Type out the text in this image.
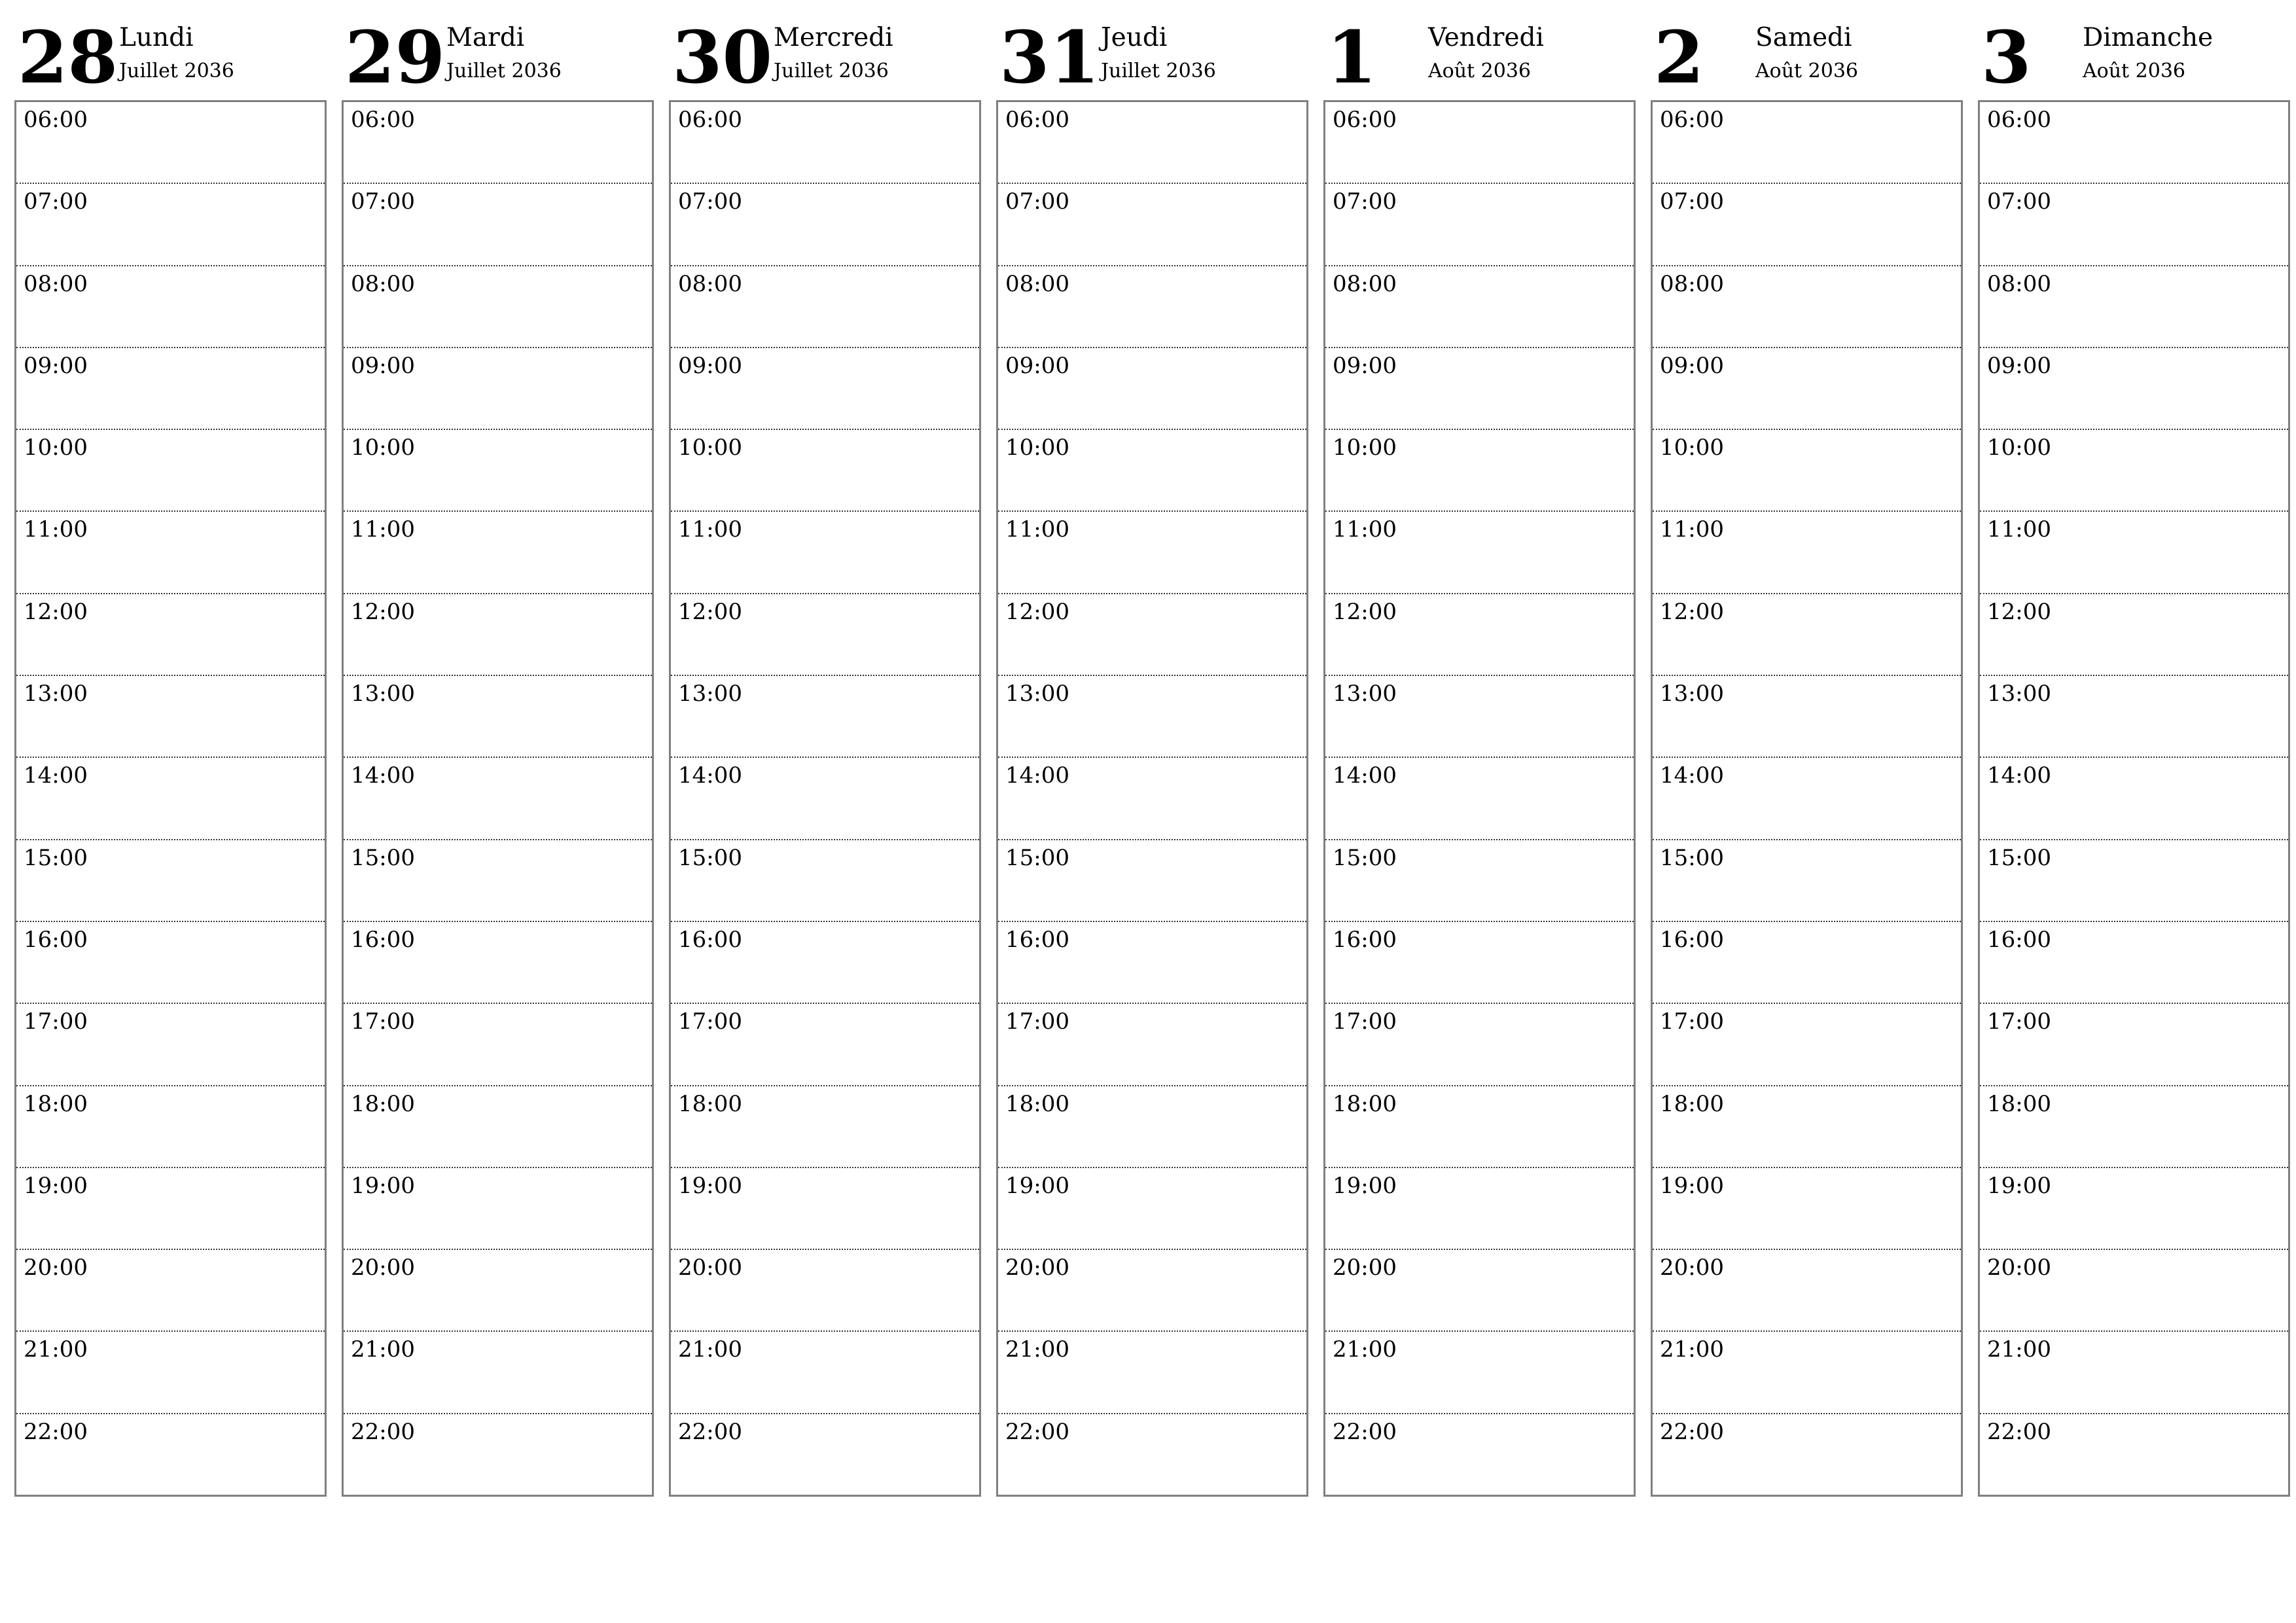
28 Lundi
Juillet 2036
06:00
07:00
08:00
09:00
10:00
11:00
12:00
13:00
14:00
15:00
16:00
17:00
18:00
19:00
20:00
21:00
22:00
29 Mardi
Juillet 2036
06:00
07:00
08:00
09:00
10:00
11:00
12:00
13:00
14:00
15:00
16:00
17:00
18:00
19:00
20:00
21:00
22:00
30 Mercredi
Juillet 2036
06:00
07:00
08:00
09:00
10:00
11:00
12:00
13:00
14:00
15:00
16:00
17:00
18:00
19:00
20:00
21:00
22:00
31 Jeudi
Juillet 2036
06:00
07:00
08:00
09:00
10:00
11:00
12:00
13:00
14:00
15:00
16:00
17:00
18:00
19:00
20:00
21:00
22:00
1	Vendredi
Août 2036
06:00
07:00
08:00
09:00
10:00
11:00
12:00
13:00
14:00
15:00
16:00
17:00
18:00
19:00
20:00
21:00
22:00
2	Samedi
Août 2036
06:00
07:00
08:00
09:00
10:00
11:00
12:00
13:00
14:00
15:00
16:00
17:00
18:00
19:00
20:00
21:00
22:00
3	Dimanche
Août 2036
06:00
07:00
08:00
09:00
10:00
11:00
12:00
13:00
14:00
15:00
16:00
17:00
18:00
19:00
20:00
21:00
22:00
